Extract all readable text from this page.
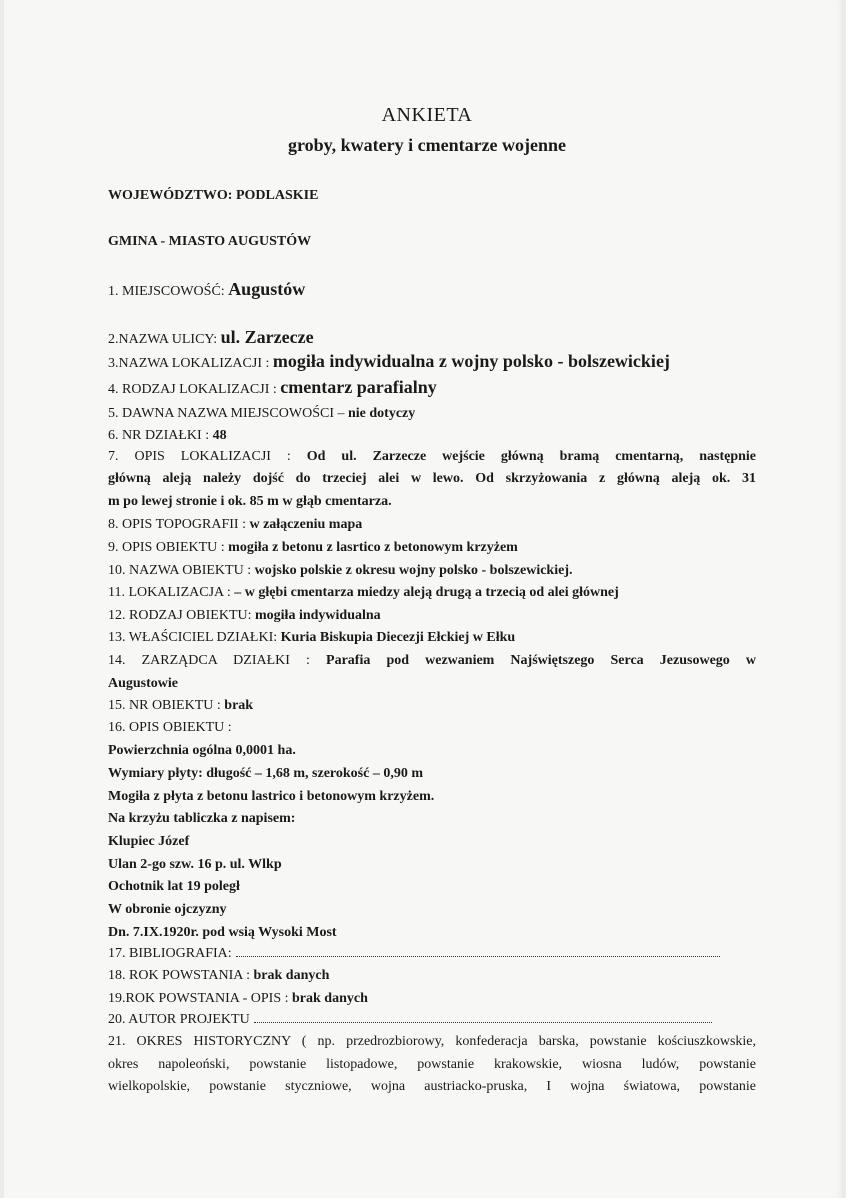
ANKIETA
groby, kwatery i cmentarze wojenne
WOJEWÓDZTWO: PODLASKIE
GMINA - MIASTO AUGUSTÓW
1. MIEJSCOWOŚĆ: Augustów
2.NAZWA ULICY: ul. Zarzecze
3.NAZWA LOKALIZACJI : mogiła indywidualna z wojny polsko - bolszewickiej
4. RODZAJ LOKALIZACJI : cmentarz parafialny
5. DAWNA NAZWA MIEJSCOWOŚCI – nie dotyczy
6. NR DZIAŁKI : 48
7. OPIS LOKALIZACJI : Od ul. Zarzecze wejście główną bramą cmentarną, następnie
główną aleją należy dojść do trzeciej alei w lewo. Od skrzyżowania z główną aleją ok. 31
m po lewej stronie i ok. 85 m w głąb cmentarza.
8. OPIS TOPOGRAFII : w załączeniu mapa
9. OPIS OBIEKTU : mogiła z betonu z lasrtico z betonowym krzyżem
10. NAZWA OBIEKTU : wojsko polskie z okresu wojny polsko - bolszewickiej.
11. LOKALIZACJA : – w głębi cmentarza miedzy aleją drugą a trzecią od alei głównej
12. RODZAJ OBIEKTU: mogiła indywidualna
13. WŁAŚCICIEL DZIAŁKI: Kuria Biskupia Diecezji Ełckiej w Ełku
14. ZARZĄDCA DZIAŁKI : Parafia pod wezwaniem Najświętszego Serca Jezusowego w
Augustowie
15. NR OBIEKTU : brak
16. OPIS OBIEKTU :
Powierzchnia ogólna 0,0001 ha.
Wymiary płyty: długość – 1,68 m, szerokość – 0,90 m
Mogiła z płyta z betonu lastrico i betonowym krzyżem.
Na krzyżu tabliczka z napisem:
Klupiec Józef
Ulan 2-go szw. 16 p. ul. Wlkp
Ochotnik lat 19 poległ
W obronie ojczyzny
Dn. 7.IX.1920r. pod wsią Wysoki Most
17. BIBLIOGRAFIA:
18. ROK POWSTANIA : brak danych
19.ROK POWSTANIA - OPIS : brak danych
20. AUTOR PROJEKTU
21. OKRES HISTORYCZNY ( np. przedrozbiorowy, konfederacja barska, powstanie kościuszkowskie,
okres napoleoński, powstanie listopadowe, powstanie krakowskie, wiosna ludów, powstanie
wielkopolskie, powstanie styczniowe, wojna austriacko-pruska, I wojna światowa, powstanie
